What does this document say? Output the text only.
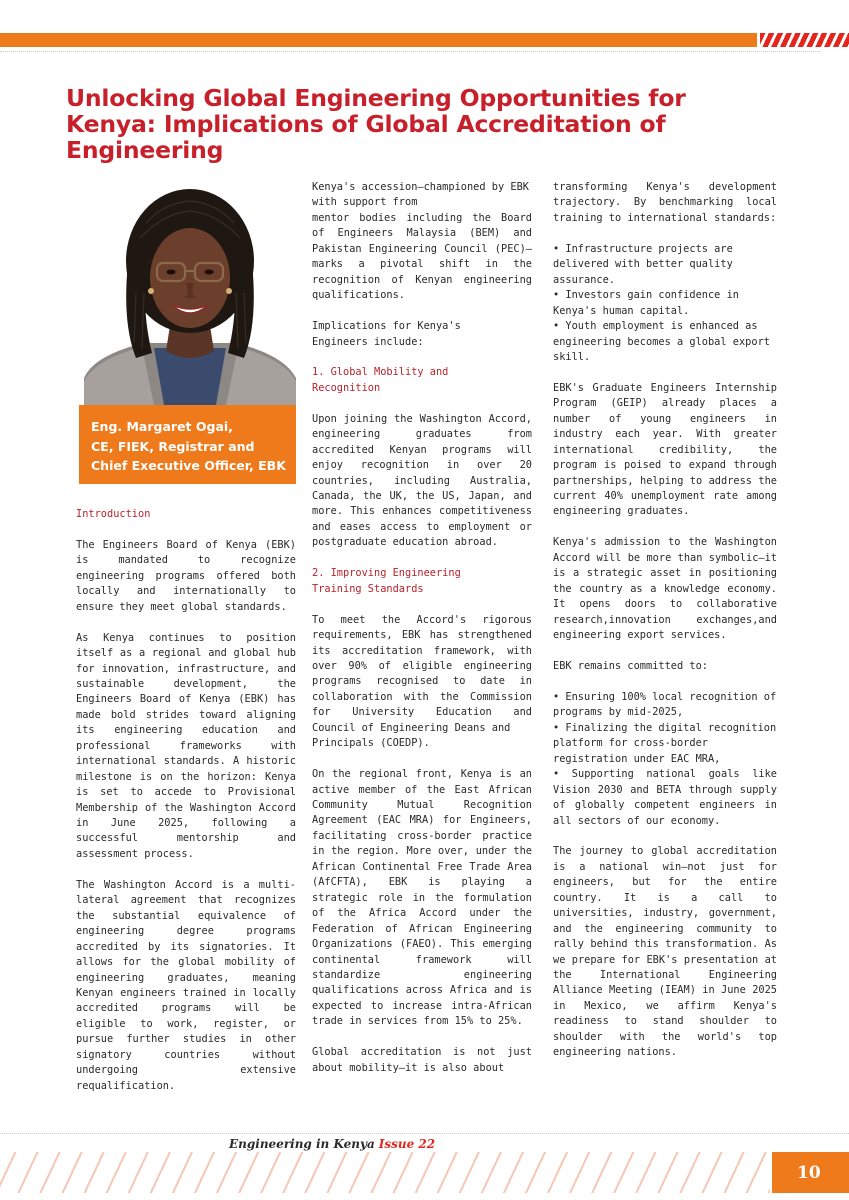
Unlocking Global Engineering Opportunities for Kenya: Implications of Global Accreditation of Engineering
Eng. Margaret Ogai,
CE, FIEK, Registrar and
Chief Executive Officer, EBK

Introduction

The Engineers Board of Kenya (EBK) is mandated to recognize engineering programs offered both locally and internationally to ensure they meet global standards.

As Kenya continues to position itself as a regional and global hub for innovation, infrastructure, and sustainable development, the Engineers Board of Kenya (EBK) has made bold strides toward aligning its engineering education and professional frameworks with international standards. A historic milestone is on the horizon: Kenya is set to accede to Provisional Membership of the Washington Accord in June 2025, following a successful mentorship and assessment process.

The Washington Accord is a multi-lateral agreement that recognizes the substantial equivalence of engineering degree programs accredited by its signatories. It allows for the global mobility of engineering graduates, meaning Kenyan engineers trained in locally accredited programs will be eligible to work, register, or pursue further studies in other signatory countries without undergoing extensive requalification.

Kenya's accession—championed by EBK with support from

mentor bodies including the Board of Engineers Malaysia (BEM) and Pakistan Engineering Council (PEC)—marks a pivotal shift in the recognition of Kenyan engineering qualifications.

Implications for Kenya's

Engineers include:

1. Global Mobility and

Recognition

Upon joining the Washington Accord, engineering graduates from accredited Kenyan programs will enjoy recognition in over 20 countries, including Australia, Canada, the UK, the US, Japan, and more. This enhances competitiveness and eases access to employment or postgraduate education abroad.

2. Improving Engineering

Training Standards

To meet the Accord's rigorous requirements, EBK has strengthened its accreditation framework, with over 90% of eligible engineering programs recognised to date in collaboration with the Commission for University Education and Council of Engineering Deans and

Principals (COEDP).

On the regional front, Kenya is an active member of the East African Community Mutual Recognition Agreement (EAC MRA) for Engineers, facilitating cross-border practice in the region. More over, under the African Continental Free Trade Area (AfCFTA), EBK is playing a strategic role in the formulation of the Africa Accord under the Federation of African Engineering Organizations (FAEO). This emerging continental framework will standardize engineering qualifications across Africa and is expected to increase intra-African trade in services from 15% to 25%.

Global accreditation is not just about mobility—it is also about

transforming Kenya's development trajectory. By benchmarking local training to international standards:

• Infrastructure projects are delivered with better quality assurance.
• Investors gain confidence in Kenya's human capital.

• Youth employment is enhanced as engineering becomes a global export skill.

EBK's Graduate Engineers Internship Program (GEIP) already places a number of young engineers in industry each year. With greater international credibility, the program is poised to expand through partnerships, helping to address the current 40% unemployment rate among engineering graduates.

Kenya's admission to the Washington Accord will be more than symbolic—it is a strategic asset in positioning the country as a knowledge economy. It opens doors to collaborative research,innovation exchanges,and engineering export services.

EBK remains committed to:

• Ensuring 100% local recognition of programs by mid-2025,
• Finalizing the digital recognition platform for cross-border registration under EAC MRA,

• Supporting national goals like Vision 2030 and BETA through supply of globally competent engineers in all sectors of our economy.

The journey to global accreditation is a national win—not just for engineers, but for the entire country. It is a call to universities, industry, government, and the engineering community to rally behind this transformation. As we prepare for EBK's presentation at the International Engineering Alliance Meeting (IEAM) in June 2025 in Mexico, we affirm Kenya's readiness to stand shoulder to shoulder with the world's top engineering nations.

Engineering in Kenya Issue 22
10
